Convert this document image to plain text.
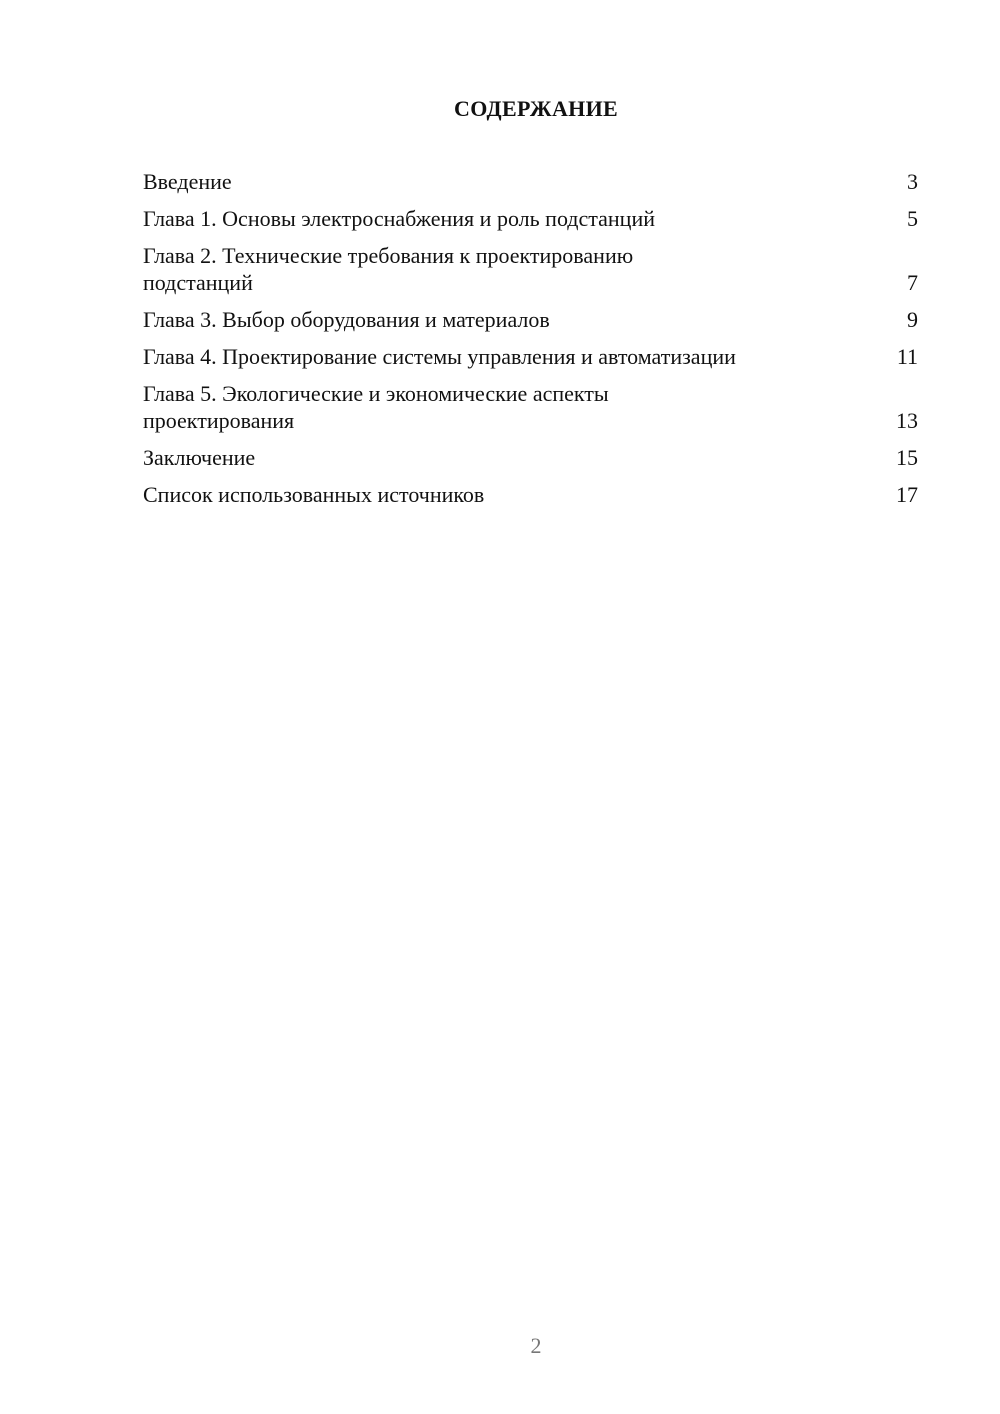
СОДЕРЖАНИЕ
Введение	3
Глава 1. Основы электроснабжения и роль подстанций	5
Глава 2. Технические требования к проектированию подстанций	7
Глава 3. Выбор оборудования и материалов	9
Глава 4. Проектирование системы управления и автоматизации	11
Глава 5. Экологические и экономические аспекты проектирования	13
Заключение	15
Список использованных источников	17
2
